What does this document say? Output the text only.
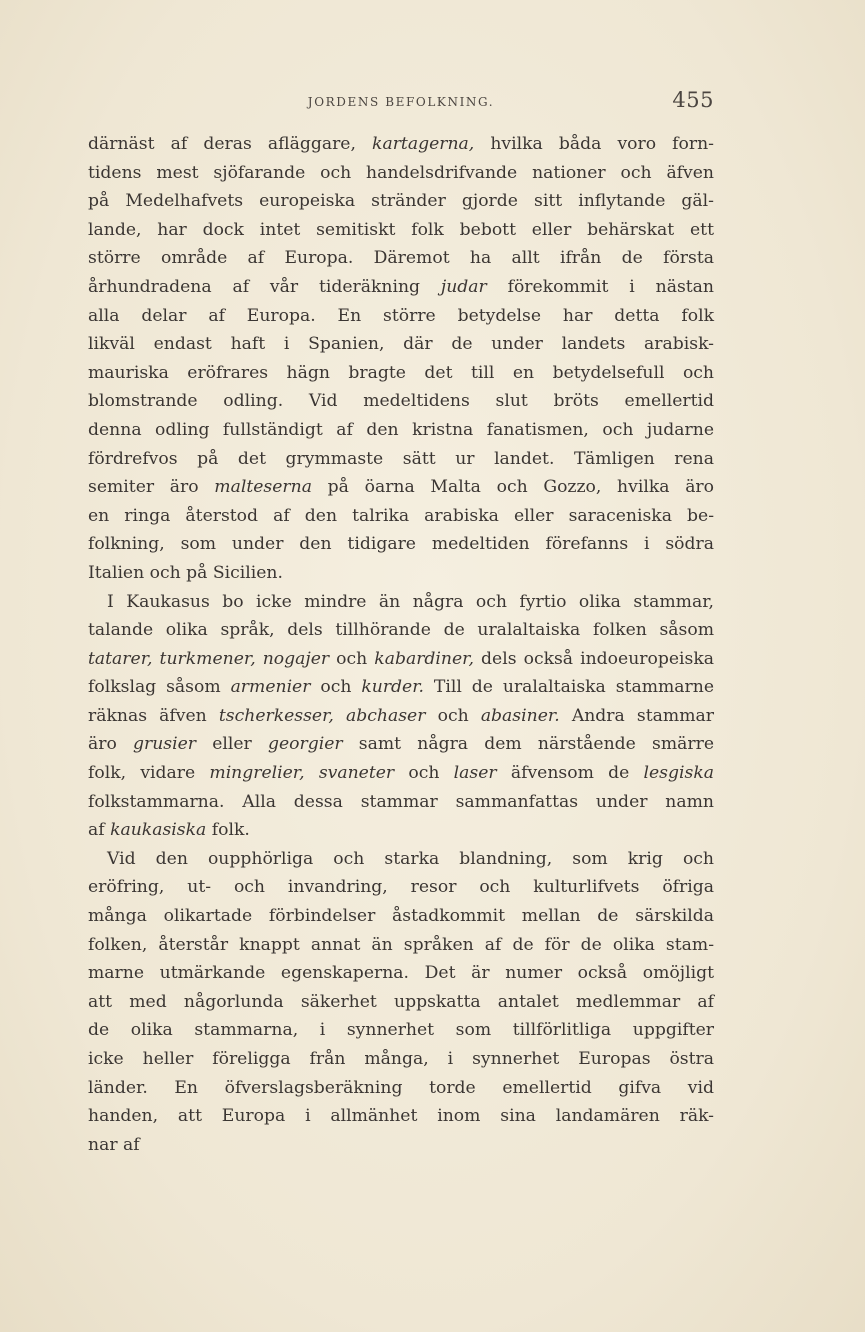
JORDENS BEFOLKNING.	455
därnäst af deras afläggare, kartagerna, hvilka båda voro forn-
tidens mest sjöfarande och handelsdrifvande nationer och äfven
på Medelhafvets europeiska stränder gjorde sitt inflytande gäl-
lande, har dock intet semitiskt folk bebott eller behärskat ett
större område af Europa. Däremot ha allt ifrån de första
århundradena af vår tideräkning judar förekommit i nästan
alla delar af Europa. En större betydelse har detta folk
likväl endast haft i Spanien, där de under landets arabisk-
mauriska eröfrares hägn bragte det till en betydelsefull och
blomstrande odling. Vid medeltidens slut bröts emellertid
denna odling fullständigt af den kristna fanatismen, och judarne
fördrefvos på det grymmaste sätt ur landet. Tämligen rena
semiter äro malteserna på öarna Malta och Gozzo, hvilka äro
en ringa återstod af den talrika arabiska eller saraceniska be-
folkning, som under den tidigare medeltiden förefanns i södra
Italien och på Sicilien.
I Kaukasus bo icke mindre än några och fyrtio olika stammar,
talande olika språk, dels tillhörande de uralaltaiska folken såsom
tatarer, turkmener, nogajer och kabardiner, dels också indoeuropeiska
folkslag såsom armenier och kurder. Till de uralaltaiska stammarne
räknas äfven tscherkesser, abchaser och abasiner. Andra stammar
äro grusier eller georgier samt några dem närstående smärre
folk, vidare mingrelier, svaneter och laser äfvensom de lesgiska
folkstammarna. Alla dessa stammar sammanfattas under namn
af kaukasiska folk.
Vid den oupphörliga och starka blandning, som krig och
eröfring, ut- och invandring, resor och kulturlifvets öfriga
många olikartade förbindelser åstadkommit mellan de särskilda
folken, återstår knappt annat än språken af de för de olika stam-
marne utmärkande egenskaperna. Det är numer också omöjligt
att med någorlunda säkerhet uppskatta antalet medlemmar af
de olika stammarna, i synnerhet som tillförlitliga uppgifter
icke heller föreligga från många, i synnerhet Europas östra
länder. En öfverslagsberäkning torde emellertid gifva vid
handen, att Europa i allmänhet inom sina landamären räk-
nar af
